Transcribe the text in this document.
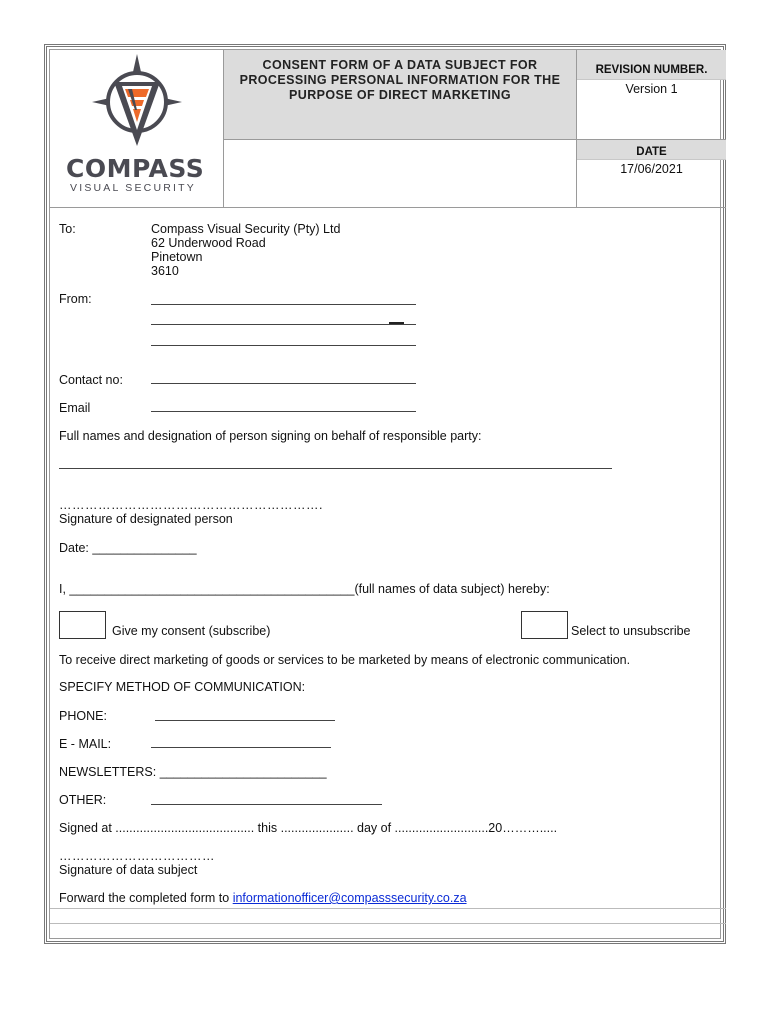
COMPASS
VISUAL SECURITY
CONSENT FORM OF A DATA SUBJECT FOR
PROCESSING PERSONAL INFORMATION FOR THE
PURPOSE OF DIRECT MARKETING
REVISION NUMBER.
Version 1
DATE
17/06/2021
To:	Compass Visual Security (Pty) Ltd
62 Underwood Road
Pinetown
3610
From:
Contact no:
Email
Full names and designation of person signing on behalf of responsible party:
…………………………………………………….
Signature of designated person
Date: _______________
I, _________________________________________(full names of data subject) hereby:
Give my consent (subscribe)	Select to unsubscribe
To receive direct marketing of goods or services to be marketed by means of electronic communication.
SPECIFY METHOD OF COMMUNICATION:
PHONE:
E - MAIL:
NEWSLETTERS: ________________________
OTHER:
Signed at ........................................ this ..................... day of ...........................20……….....
………………………………
Signature of data subject
Forward the completed form to informationofficer@compasssecurity.co.za
